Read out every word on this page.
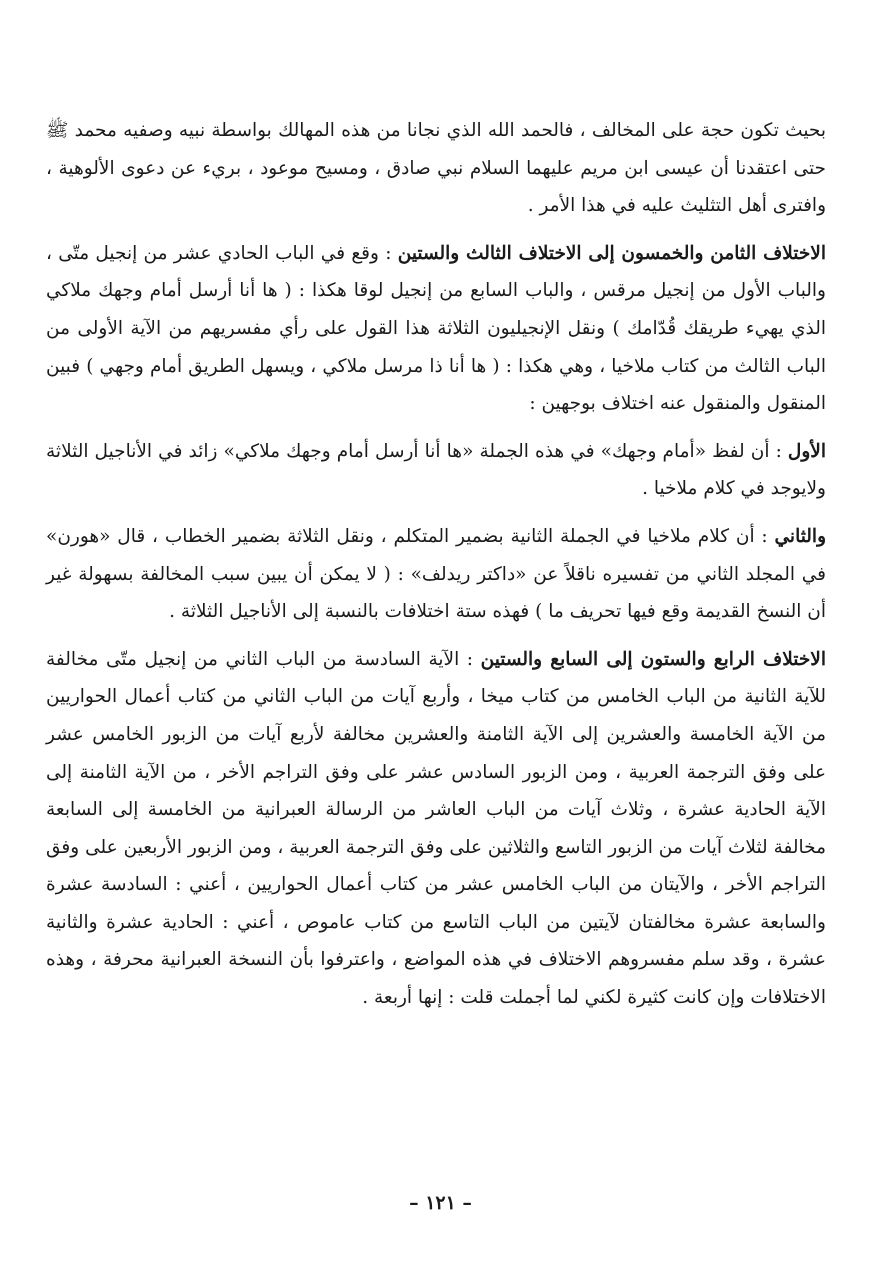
بحيث تكون حجة على المخالف ، فالحمد الله الذي نجانا من هذه المهالك بواسطة نبيه وصفيه محمد ﷺ حتى اعتقدنا أن عيسى ابن مريم عليهما السلام نبي صادق ، ومسيح موعود ، بريء عن دعوى الألوهية ، وافترى أهل التثليث عليه في هذا الأمر .

الاختلاف الثامن والخمسون إلى الاختلاف الثالث والستين : وقع في الباب الحادي عشر من إنجيل متّى ، والباب الأول من إنجيل مرقس ، والباب السابع من إنجيل لوقا هكذا : ( ها أنا أرسل أمام وجهك ملاكي الذي يهيء طريقك قُدّامك ) ونقل الإنجيليون الثلاثة هذا القول على رأي مفسريهم من الآية الأولى من الباب الثالث من كتاب ملاخيا ، وهي هكذا : ( ها أنا ذا مرسل ملاكي ، ويسهل الطريق أمام وجهي ) فبين المنقول والمنقول عنه اختلاف بوجهين :

الأول : أن لفظ «أمام وجهك» في هذه الجملة «ها أنا أرسل أمام وجهك ملاكي» زائد في الأناجيل الثلاثة ولايوجد في كلام ملاخيا .

والثاني : أن كلام ملاخيا في الجملة الثانية بضمير المتكلم ، ونقل الثلاثة بضمير الخطاب ، قال «هورن» في المجلد الثاني من تفسيره ناقلاً عن «داكتر ريدلف» : ( لا يمكن أن يبين سبب المخالفة بسهولة غير أن النسخ القديمة وقع فيها تحريف ما ) فهذه ستة اختلافات بالنسبة إلى الأناجيل الثلاثة .

الاختلاف الرابع والستون إلى السابع والستين : الآية السادسة من الباب الثاني من إنجيل متّى مخالفة للآية الثانية من الباب الخامس من كتاب ميخا ، وأربع آيات من الباب الثاني من كتاب أعمال الحواريين من الآية الخامسة والعشرين إلى الآية الثامنة والعشرين مخالفة لأربع آيات من الزبور الخامس عشر على وفق الترجمة العربية ، ومن الزبور السادس عشر على وفق التراجم الأخر ، من الآية الثامنة إلى الآية الحادية عشرة ، وثلاث آيات من الباب العاشر من الرسالة العبرانية من الخامسة إلى السابعة مخالفة لثلاث آيات من الزبور التاسع والثلاثين على وفق الترجمة العربية ، ومن الزبور الأربعين على وفق التراجم الأخر ، والآيتان من الباب الخامس عشر من كتاب أعمال الحواريين ، أعني : السادسة عشرة والسابعة عشرة مخالفتان لآيتين من الباب التاسع من كتاب عاموص ، أعني : الحادية عشرة والثانية عشرة ، وقد سلم مفسروهم الاختلاف في هذه المواضع ، واعترفوا بأن النسخة العبرانية محرفة ، وهذه الاختلافات وإن كانت كثيرة لكني لما أجملت قلت : إنها أربعة .

– ١٢١ –
